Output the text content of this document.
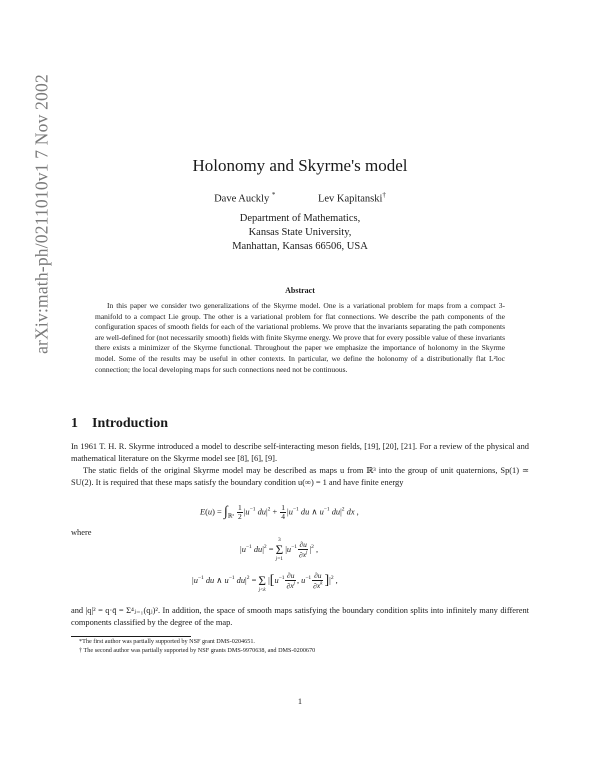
arXiv:math-ph/0211010v1 7 Nov 2002	Holonomy and Skyrme's model
Dave Auckly *	Lev Kapitanski†
Department of Mathematics,
Kansas State University,
Manhattan, Kansas 66506, USA
Abstract
In this paper we consider two generalizations of the Skyrme model. One is a variational problem for maps from a compact 3-manifold to a compact Lie group. The other is a variational problem for flat connections. We describe the path components of the configuration spaces of smooth fields for each of the variational problems. We prove that the invariants separating the path components are well-defined for (not necessarily smooth) fields with finite Skyrme energy. We prove that for every possible value of these invariants there exists a minimizer of the Skyrme functional. Throughout the paper we emphasize the importance of holonomy in the Skyrme model. Some of the results may be useful in other contexts. In particular, we define the holonomy of a distributionally flat L²loc connection; the local developing maps for such connections need not be continuous.
1 Introduction
In 1961 T. H. R. Skyrme introduced a model to describe self-interacting meson fields, [19], [20], [21]. For a review of the physical and mathematical literature on the Skyrme model see [8], [6], [9].
The static fields of the original Skyrme model may be described as maps u from ℝ³ into the group of unit quaternions, Sp(1) ≃ SU(2). It is required that these maps satisfy the boundary condition u(∞) = 1 and have finite energy
$E(u) = \int_{ℝ^3} \frac{1}{2} |u^{-1}$ $du|^2 + \frac{1}{4} |u^{-1}$ du ∧ $u^{-1}$ $du|^2$ dx ,
where
$|u^{-1}$ $du|^2$ =
3
Σ
j=1
$|u^{-1} \frac{\partial u}{\partial x^j} |^2$ ,
$|u^{-1}$ du ∧ $u^{-1}$ $du|^2$ =
Σ
j<k
$|[u^{-1} \frac{\partial u}{\partial x^j}$ , $u^{-1} \frac{\partial u}{\partial x^k} ]|^2$ ,
and |q|² = q·q̄ = Σ⁴ⱼ₌₁(qⱼ)². In addition, the space of smooth maps satisfying the boundary condition splits into infinitely many different components classified by the degree of the map.
*The first author was partially supported by NSF grant DMS-0204651.
† The second author was partially supported by NSF grants DMS-9970638, and DMS-0200670
1
